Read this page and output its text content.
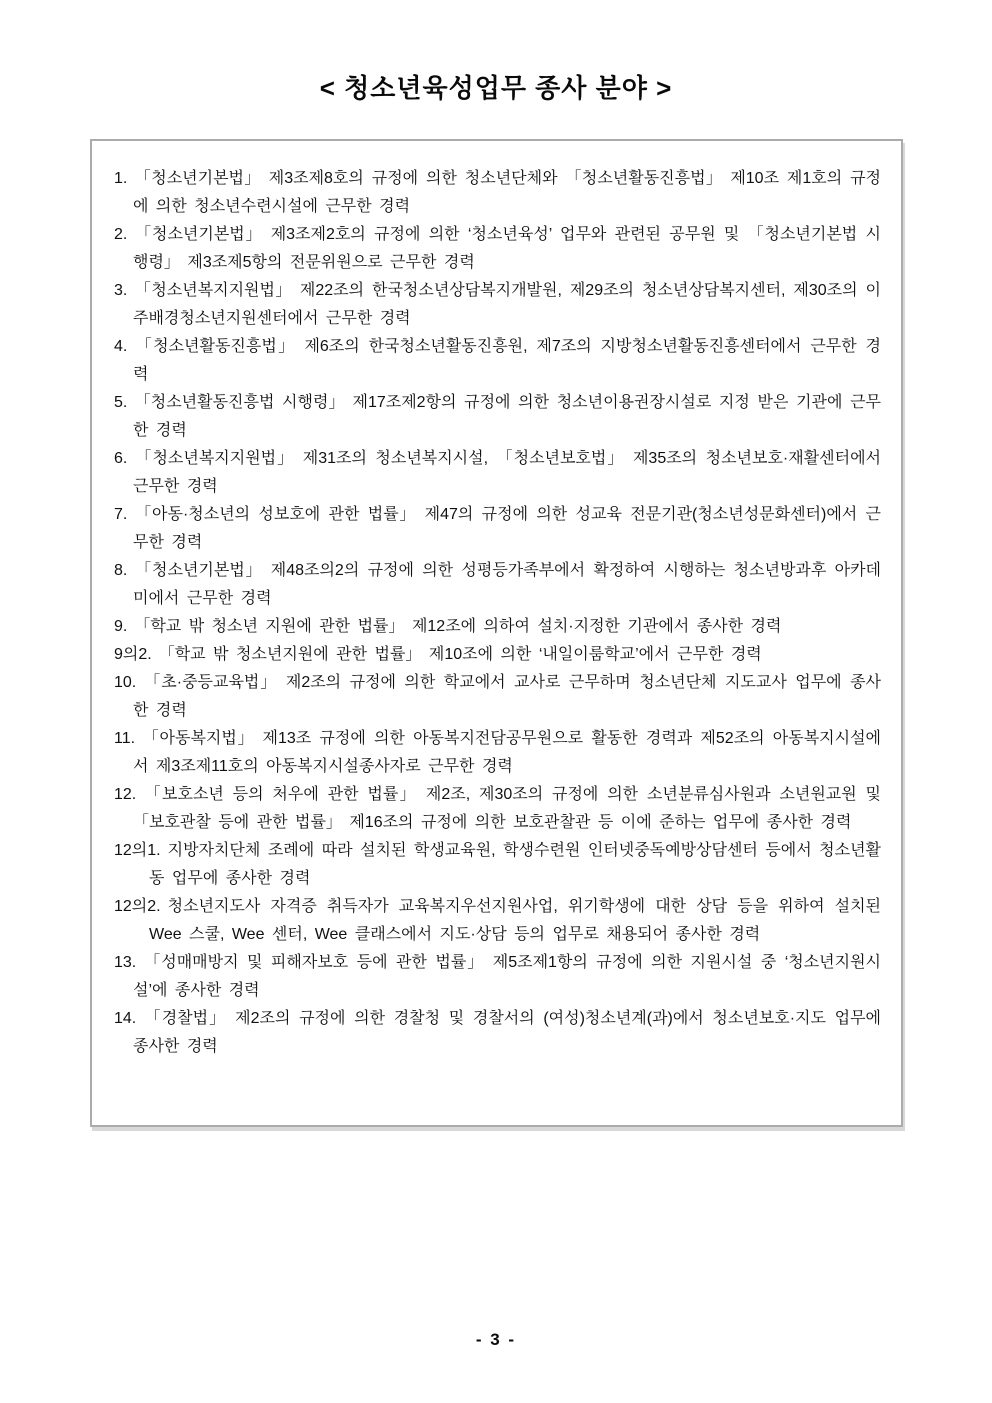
< 청소년육성업무 종사 분야 >
1. 「청소년기본법」 제3조제8호의 규정에 의한 청소년단체와 「청소년활동진흥법」 제10조 제1호의 규정에 의한 청소년수련시설에 근무한 경력
2. 「청소년기본법」 제3조제2호의 규정에 의한 ‘청소년육성’ 업무와 관련된 공무원 및 「청소년기본법 시행령」 제3조제5항의 전문위원으로 근무한 경력
3. 「청소년복지지원법」 제22조의 한국청소년상담복지개발원, 제29조의 청소년상담복지센터, 제30조의 이주배경청소년지원센터에서 근무한 경력
4. 「청소년활동진흥법」 제6조의 한국청소년활동진흥원, 제7조의 지방청소년활동진흥센터에서 근무한 경력
5. 「청소년활동진흥법 시행령」 제17조제2항의 규정에 의한 청소년이용권장시설로 지정 받은 기관에 근무한 경력
6. 「청소년복지지원법」 제31조의 청소년복지시설, 「청소년보호법」 제35조의 청소년보호·재활센터에서 근무한 경력
7. 「아동·청소년의 성보호에 관한 법률」 제47의 규정에 의한 성교육 전문기관(청소년성문화센터)에서 근무한 경력
8. 「청소년기본법」 제48조의2의 규정에 의한 성평등가족부에서 확정하여 시행하는 청소년방과후 아카데미에서 근무한 경력
9. 「학교 밖 청소년 지원에 관한 법률」 제12조에 의하여 설치·지정한 기관에서 종사한 경력
9의2. 「학교 밖 청소년지원에 관한 법률」 제10조에 의한 ‘내일이룸학교’에서 근무한 경력
10. 「초·중등교육법」 제2조의 규정에 의한 학교에서 교사로 근무하며 청소년단체 지도교사 업무에 종사한 경력
11. 「아동복지법」 제13조 규정에 의한 아동복지전담공무원으로 활동한 경력과 제52조의 아동복지시설에서 제3조제11호의 아동복지시설종사자로 근무한 경력
12. 「보호소년 등의 처우에 관한 법률」 제2조, 제30조의 규정에 의한 소년분류심사원과 소년원교원 및 「보호관찰 등에 관한 법률」 제16조의 규정에 의한 보호관찰관 등 이에 준하는 업무에 종사한 경력
12의1. 지방자치단체 조례에 따라 설치된 학생교육원, 학생수련원 인터넷중독예방상담센터 등에서 청소년활동 업무에 종사한 경력
12의2. 청소년지도사 자격증 취득자가 교육복지우선지원사업, 위기학생에 대한 상담 등을 위하여 설치된 Wee 스쿨, Wee 센터, Wee 클래스에서 지도·상담 등의 업무로 채용되어 종사한 경력
13. 「성매매방지 및 피해자보호 등에 관한 법률」 제5조제1항의 규정에 의한 지원시설 중 ‘청소년지원시설’에 종사한 경력
14. 「경찰법」 제2조의 규정에 의한 경찰청 및 경찰서의 (여성)청소년계(과)에서 청소년보호·지도 업무에 종사한 경력
- 3 -
